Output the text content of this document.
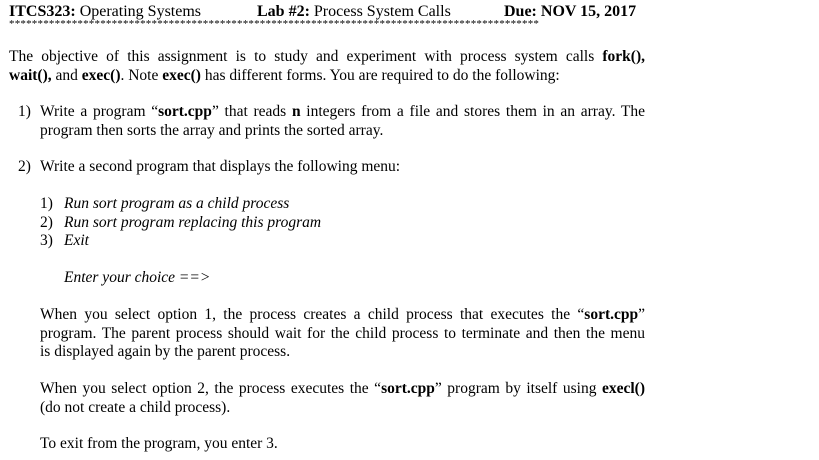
ITCS323: Operating Systems	Lab #2: Process System Calls	Due: NOV 15, 2017
*********************************************************************************************
The objective of this assignment is to study and experiment with process system calls fork(),
wait(), and exec(). Note exec() has different forms. You are required to do the following:
1) Write a program “sort.cpp” that reads n integers from a file and stores them in an array. The
program then sorts the array and prints the sorted array.
2) Write a second program that displays the following menu:
1) Run sort program as a child process
2) Run sort program replacing this program
3) Exit
Enter your choice ==>
When you select option 1, the process creates a child process that executes the “sort.cpp”
program. The parent process should wait for the child process to terminate and then the menu
is displayed again by the parent process.
When you select option 2, the process executes the “sort.cpp” program by itself using execl()
(do not create a child process).
To exit from the program, you enter 3.
